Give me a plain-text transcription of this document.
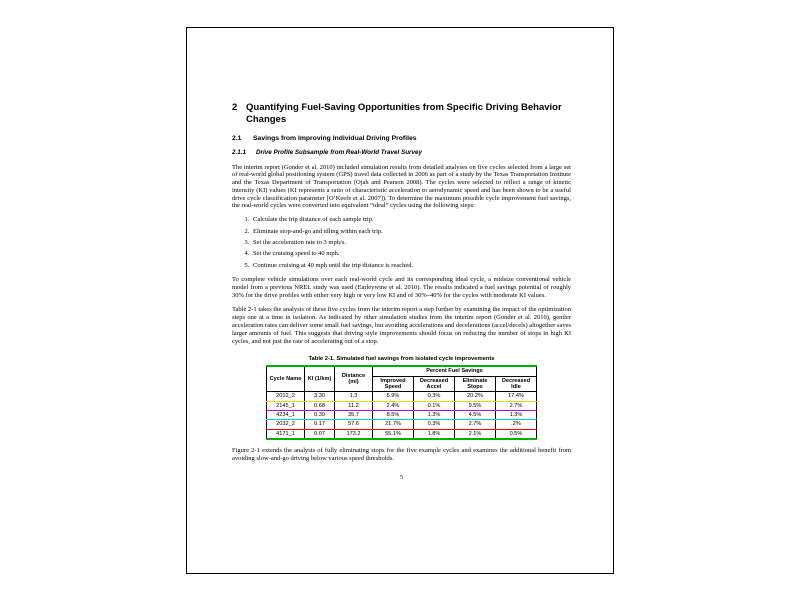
2 Quantifying Fuel-Saving Opportunities from Specific Driving Behavior Changes
2.1	Savings from Improving Individual Driving Profiles
2.1.1	Drive Profile Subsample from Real-World Travel Survey

The interim report (Gonder et al. 2010) included simulation results from detailed analyses on five cycles selected from a large set of real-world global positioning system (GPS) travel data collected in 2006 as part of a study by the Texas Transportation Institute and the Texas Department of Transportation (Ojah and Pearson 2008). The cycles were selected to reflect a range of kinetic intensity (KI) values (KI represents a ratio of characteristic acceleration to aerodynamic speed and has been shown to be a useful drive cycle classification parameter [O’Keefe et al. 2007]). To determine the maximum possible cycle improvement fuel savings, the real-world cycles were converted into equivalent “ideal” cycles using the following steps:

1. Calculate the trip distance of each sample trip.
2. Eliminate stop-and-go and idling within each trip.
3. Set the acceleration rate to 3 mph/s.
4. Set the cruising speed to 40 mph.
5. Continue cruising at 40 mph until the trip distance is reached.

To complete vehicle simulations over each real-world cycle and its corresponding ideal cycle, a midsize conventional vehicle model from a previous NREL study was used (Earleywine et al. 2010). The results indicated a fuel savings potential of roughly 30% for the drive profiles with either very high or very low KI and of 30%–40% for the cycles with moderate KI values.

Table 2-1 takes the analysis of these five cycles from the interim report a step further by examining the impact of the optimization steps one at a time in isolation. As indicated by other simulation studies from the interim report (Gonder et al. 2010), gentler acceleration rates can deliver some small fuel savings, but avoiding accelerations and decelerations (accel/decels) altogether saves larger amounts of fuel. This suggests that driving style improvements should focus on reducing the number of stops in high KI cycles, and not just the rate of accelerating out of a stop.

Table 2-1. Simulated fuel savings from isolated cycle improvements
Cycle Name	KI (1/km)	Distance (mi)	Percent Fuel Savings			
			Improved Speed	Decreased Accel	Eliminate Stops	Decreased Idle
2012_2	3.30	1.3	5.9%	0.3%	20.2%	17.4%
2145_1	0.68	11.2	2.4%	0.1%	9.5%	2.7%
4234_1	0.39	35.7	8.5%	1.3%	4.5%	1.3%
2032_2	0.17	57.6	21.7%	0.3%	2.7%	.2%
4171_1	0.07	173.2	55.1%	1.8%	2.1%	0.5%

Figure 2-1 extends the analysis of fully eliminating stops for the five example cycles and examines the additional benefit from avoiding slow-and-go driving below various speed thresholds.

5
